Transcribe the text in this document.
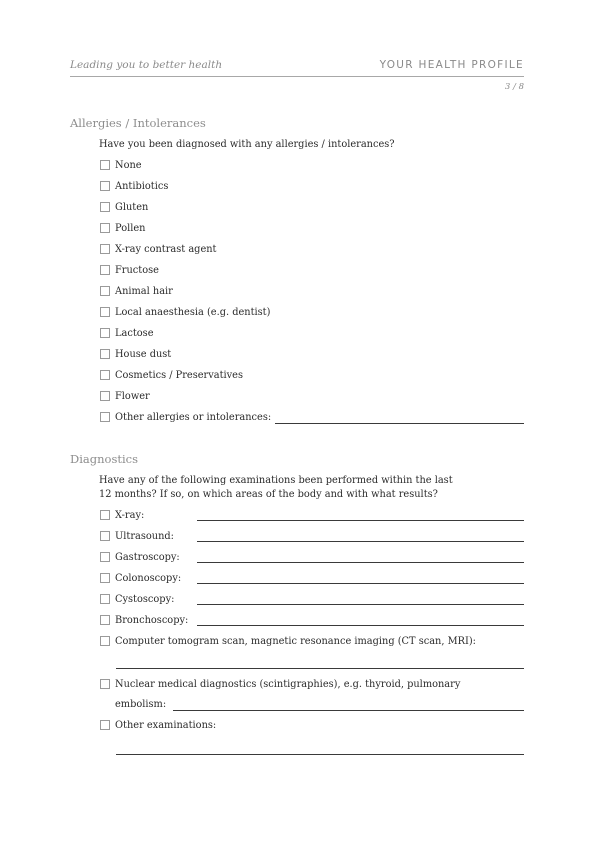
Leading you to better health	YOUR HEALTH PROFILE
3 / 8
Allergies / Intolerances
Have you been diagnosed with any allergies / intolerances?
None
Antibiotics
Gluten
Pollen
X-ray contrast agent
Fructose
Animal hair
Local anaesthesia (e.g. dentist)
Lactose
House dust
Cosmetics / Preservatives
Flower
Other allergies or intolerances:
Diagnostics
Have any of the following examinations been performed within the last
12 months? If so, on which areas of the body and with what results?
X-ray:
Ultrasound:
Gastroscopy:
Colonoscopy:
Cystoscopy:
Bronchoscopy:
Computer tomogram scan, magnetic resonance imaging (CT scan, MRI):
Nuclear medical diagnostics (scintigraphies), e.g. thyroid, pulmonary
embolism:
Other examinations:
